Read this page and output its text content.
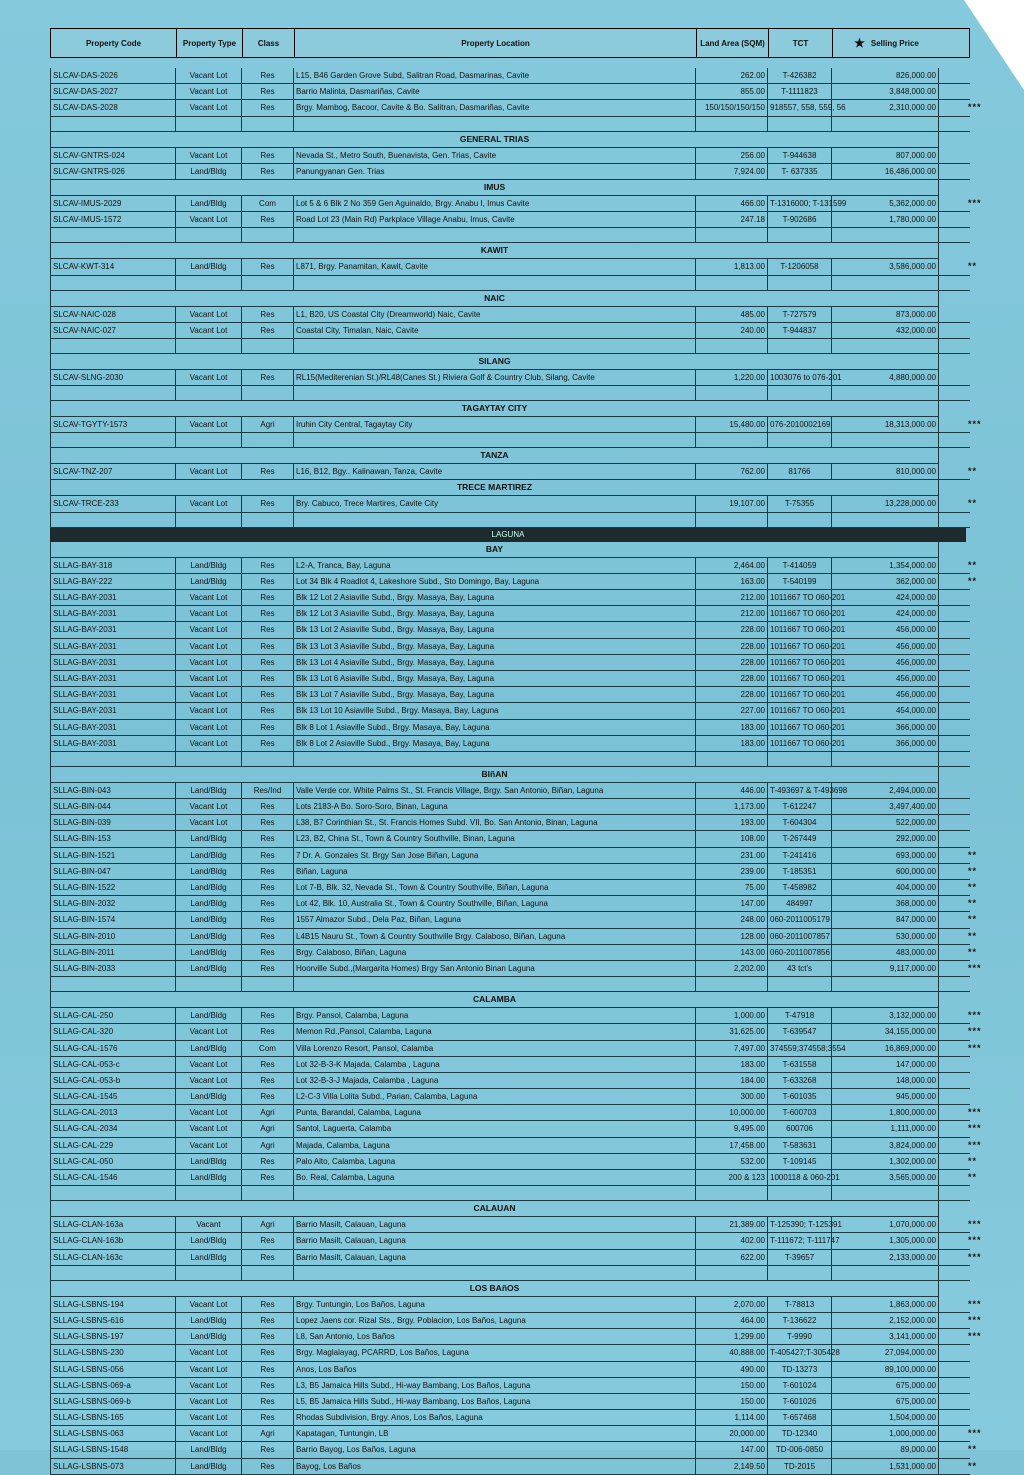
Property Code	Property Type	Class	Property Location	Land Area (SQM)	TCT	★ Selling Price
SLCAV-DAS-2026	Vacant Lot	Res	L15, B46 Garden Grove Subd, Salitran Road, Dasmarinas, Cavite	262.00	T-426382	826,000.00
SLCAV-DAS-2027	Vacant Lot	Res	Barrio Malinta, Dasmariñas, Cavite	855.00	T-1111823	3,848,000.00
SLCAV-DAS-2028	Vacant Lot	Res	Brgy. Mambog, Bacoor, Cavite & Bo. Salitran, Dasmariñas, Cavite	150/150/150/150 918557, 558, 559, 56	2,310,000.00	***
GENERAL TRIAS
SLCAV-GNTRS-024	Vacant Lot	Res	Nevada St., Metro South, Buenavista, Gen. Trias, Cavite	256.00	T-944638	807,000.00
SLCAV-GNTRS-026	Land/Bldg	Res	Panungyanan Gen. Trias	7,924.00	T- 637335	16,486,000.00
IMUS
SLCAV-IMUS-2029	Land/Bldg	Com	Lot 5 & 6 Blk 2 No 359 Gen Aguinaldo, Brgy. Anabu I, Imus Cavite	466.00 T-1316000; T-131599	5,362,000.00	***
SLCAV-IMUS-1572	Vacant Lot	Res	Road Lot 23 (Main Rd) Parkplace Village Anabu, Imus, Cavite	247.18	T-902686	1,780,000.00
KAWIT
SLCAV-KWT-314	Land/Bldg	Res	L871, Brgy. Panamitan, Kawit, Cavite	1,813.00	T-1206058	3,586,000.00	**
NAIC
SLCAV-NAIC-028	Vacant Lot	Res	L1, B20, US Coastal City (Dreamworld) Naic, Cavite	485.00	T-727579	873,000.00
SLCAV-NAIC-027	Vacant Lot	Res	Coastal City, Timalan, Naic, Cavite	240.00	T-944837	432,000.00
SILANG
SLCAV-SLNG-2030	Vacant Lot	Res	RL15(Mediterenian St.)/RL48(Canes St.) Riviera Golf & Country Club, Silang, Cavite	1,220.00 1003076 to 076-201	4,880,000.00
TAGAYTAY CITY
SLCAV-TGYTY-1573	Vacant Lot	Agri	Iruhin City Central, Tagaytay City	15,480.00 076-2010002169	18,313,000.00	***
TANZA
SLCAV-TNZ-207	Vacant Lot	Res	L16, B12, Bgy.. Kalinawan, Tanza, Cavite	762.00	81766	810,000.00	**
TRECE MARTIREZ
SLCAV-TRCE-233	Vacant Lot	Res	Bry. Cabuco, Trece Martires, Cavite City	19,107.00	T-75355	13,228,000.00	**
LAGUNA
BAY
SLLAG-BAY-318	Land/Bldg	Res	L2-A, Tranca, Bay, Laguna	2,464.00	T-414059	1,354,000.00	**
SLLAG-BAY-222	Land/Bldg	Res	Lot 34 Blk 4 Roadlot 4, Lakeshore Subd., Sto Domingo, Bay, Laguna	163.00	T-540199	362,000.00	**
SLLAG-BAY-2031	Vacant Lot	Res	Blk 12 Lot 2 Asiaville Subd., Brgy. Masaya, Bay, Laguna	212.00 1011667 TO 060-201	424,000.00
SLLAG-BAY-2031	Vacant Lot	Res	Blk 12 Lot 3 Asiaville Subd., Brgy. Masaya, Bay, Laguna	212.00 1011667 TO 060-201	424,000.00
SLLAG-BAY-2031	Vacant Lot	Res	Blk 13 Lot 2 Asiaville Subd., Brgy. Masaya, Bay, Laguna	228.00 1011667 TO 060-201	456,000.00
SLLAG-BAY-2031	Vacant Lot	Res	Blk 13 Lot 3 Asiaville Subd., Brgy. Masaya, Bay, Laguna	228.00 1011667 TO 060-201	456,000.00
SLLAG-BAY-2031	Vacant Lot	Res	Blk 13 Lot 4 Asiaville Subd., Brgy. Masaya, Bay, Laguna	228.00 1011667 TO 060-201	456,000.00
SLLAG-BAY-2031	Vacant Lot	Res	Blk 13 Lot 6 Asiaville Subd., Brgy. Masaya, Bay, Laguna	228.00 1011667 TO 060-201	456,000.00
SLLAG-BAY-2031	Vacant Lot	Res	Blk 13 Lot 7 Asiaville Subd., Brgy. Masaya, Bay, Laguna	228.00 1011667 TO 060-201	456,000.00
SLLAG-BAY-2031	Vacant Lot	Res	Blk 13 Lot 10 Asiaville Subd., Brgy. Masaya, Bay, Laguna	227.00 1011667 TO 060-201	454,000.00
SLLAG-BAY-2031	Vacant Lot	Res	Blk 8 Lot 1 Asiaville Subd., Brgy. Masaya, Bay, Laguna	183.00 1011667 TO 060-201	366,000.00
SLLAG-BAY-2031	Vacant Lot	Res	Blk 8 Lot 2 Asiaville Subd., Brgy. Masaya, Bay, Laguna	183.00 1011667 TO 060-201	366,000.00
BIñAN
SLLAG-BIN-043	Land/Bldg	Res/Ind	Valle Verde cor. White Palms St., St. Francis Village, Brgy. San Antonio, Biñan, Laguna	446.00 T-493697 & T-493698	2,494,000.00
SLLAG-BIN-044	Vacant Lot	Res	Lots 2183-A Bo. Soro-Soro, Binan, Laguna	1,173.00	T-612247	3,497,400.00
SLLAG-BIN-039	Vacant Lot	Res	L38, B7 Corinthian St., St. Francis Homes Subd. VII, Bo. San Antonio, Binan, Laguna	193.00	T-604304	522,000.00
SLLAG-BIN-153	Land/Bldg	Res	L23, B2, China St., Town & Country Southville, Binan, Laguna	108.00	T-267449	292,000.00
SLLAG-BIN-1521	Land/Bldg	Res	7 Dr. A. Gonzales St. Brgy San Jose Biñan, Laguna	231.00	T-241416	693,000.00	**
SLLAG-BIN-047	Land/Bldg	Res	Biñan, Laguna	239.00	T-185351	600,000.00	**
SLLAG-BIN-1522	Land/Bldg	Res	Lot 7-B, Blk. 32, Nevada St., Town & Country Southville, Biñan, Laguna	75.00	T-458982	404,000.00	**
SLLAG-BIN-2032	Land/Bldg	Res	Lot 42, Blk. 10, Australia St., Town & Country Southville, Biñan, Laguna	147.00	484997	368,000.00	**
SLLAG-BIN-1574	Land/Bldg	Res	1557 Almazor Subd., Dela Paz, Biñan, Laguna	248.00 060-2011005179	847,000.00	**
SLLAG-BIN-2010	Land/Bldg	Res	L4B15 Nauru St., Town & Country Southville Brgy. Calaboso, Biñan, Laguna	128.00 060-2011007857	530,000.00	**
SLLAG-BIN-2011	Land/Bldg	Res	Brgy. Calaboso, Biñan, Laguna	143.00 060-2011007856	483,000.00	**
SLLAG-BIN-2033	Land/Bldg	Res	Hoorville Subd.,(Margarita Homes) Brgy San Antonio Binan Laguna	2,202.00	43 tct's	9,117,000.00	***
CALAMBA
SLLAG-CAL-250	Land/Bldg	Res	Brgy. Pansol, Calamba, Laguna	1,000.00	T-47918	3,132,000.00	***
SLLAG-CAL-320	Vacant Lot	Res	Memon Rd.,Pansol, Calamba, Laguna	31,625.00	T-639547	34,155,000.00	***
SLLAG-CAL-1576	Land/Bldg	Com	Villa Lorenzo Resort, Pansol, Calamba	7,497.00 374559;374558;3554	16,869,000.00	***
SLLAG-CAL-053-c	Vacant Lot	Res	Lot 32-B-3-K Majada, Calamba , Laguna	183.00	T-631558	147,000.00
SLLAG-CAL-053-b	Vacant Lot	Res	Lot 32-B-3-J Majada, Calamba , Laguna	184.00	T-633268	148,000.00
SLLAG-CAL-1545	Land/Bldg	Res	L2-C-3 Villa Lolita Subd., Parian, Calamba, Laguna	300.00	T-601035	945,000.00
SLLAG-CAL-2013	Vacant Lot	Agri	Punta, Barandal, Calamba, Laguna	10,000.00	T-600703	1,800,000.00	***
SLLAG-CAL-2034	Vacant Lot	Agri	Santol, Laguerta, Calamba	9,495.00	600706	1,111,000.00	***
SLLAG-CAL-229	Vacant Lot	Agri	Majada, Calamba, Laguna	17,458.00	T-583631	3,824,000.00	***
SLLAG-CAL-050	Land/Bldg	Res	Palo Alto, Calamba, Laguna	532.00	T-109145	1,302,000.00	**
SLLAG-CAL-1546	Land/Bldg	Res	Bo. Real, Calamba, Laguna	200 & 123 1000118 & 060-201	3,565,000.00	**
CALAUAN
SLLAG-CLAN-163a	Vacant	Agri	Barrio Masilt, Calauan, Laguna	21,389.00 T-125390; T-125391	1,070,000.00	***
SLLAG-CLAN-163b	Land/Bldg	Res	Barrio Masilt, Calauan, Laguna	402.00 T-111672; T-111747	1,305,000.00	***
SLLAG-CLAN-163c	Land/Bldg	Res	Barrio Masilt, Calauan, Laguna	622.00	T-39657	2,133,000.00	***
LOS BAñOS
SLLAG-LSBNS-194	Vacant Lot	Res	Brgy. Tuntungin, Los Baños, Laguna	2,070.00	T-78813	1,863,000.00	***
SLLAG-LSBNS-616	Land/Bldg	Res	Lopez Jaens cor. Rizal Sts., Brgy. Poblacion, Los Baños, Laguna	464.00	T-136622	2,152,000.00	***
SLLAG-LSBNS-197	Land/Bldg	Res	L8, San Antonio, Los Baños	1,299.00	T-9990	3,141,000.00	***
SLLAG-LSBNS-230	Vacant Lot	Res	Brgy. Maglalayag, PCARRD, Los Baños, Laguna	40,888.00 T-405427;T-305428	27,094,000.00
SLLAG-LSBNS-056	Vacant Lot	Res	Anos, Los Baños	490.00	TD-13273	89,100,000.00
SLLAG-LSBNS-069-a	Vacant Lot	Res	L3, B5 Jamaica Hills Subd., Hi-way Bambang, Los Baños, Laguna	150.00	T-601024	675,000.00
SLLAG-LSBNS-069-b	Vacant Lot	Res	L5, B5 Jamaica Hills Subd., Hi-way Bambang, Los Baños, Laguna	150.00	T-601026	675,000.00
SLLAG-LSBNS-165	Vacant Lot	Res	Rhodas Subdivision, Brgy. Anos, Los Baños, Laguna	1,114.00	T-657468	1,504,000.00
SLLAG-LSBNS-063	Vacant Lot	Agri	Kapatagan, Tuntungin, LB	20,000.00	TD-12340	1,000,000.00	***
SLLAG-LSBNS-1548	Land/Bldg	Res	Barrio Bayog, Los Baños, Laguna	147.00	TD-006-0850	89,000.00	**
SLLAG-LSBNS-073	Land/Bldg	Res	Bayog, Los Baños	2,149.50	TD-2015	1,531,000.00	**
